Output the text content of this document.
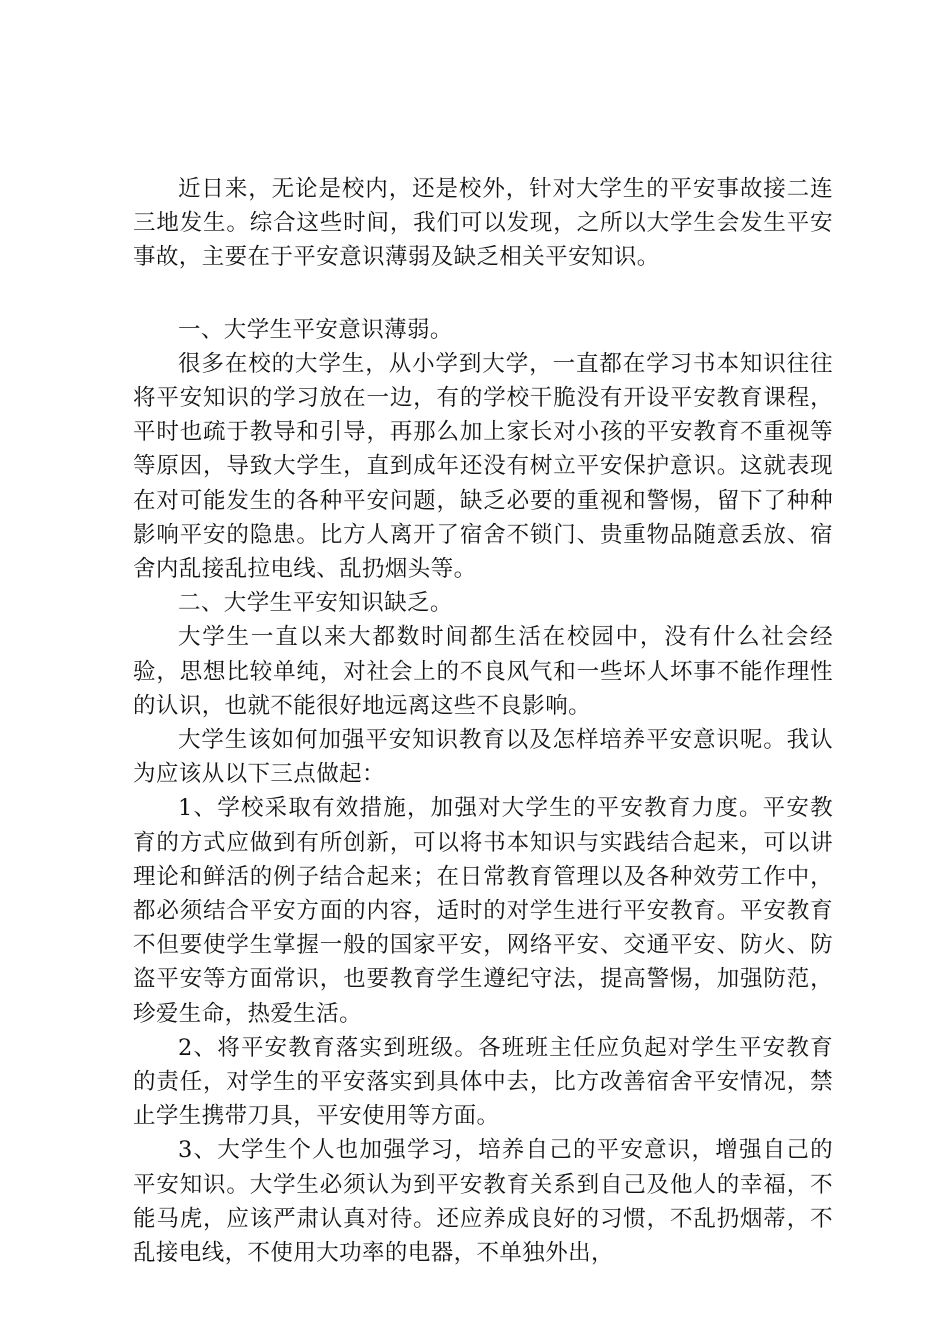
近日来，无论是校内，还是校外，针对大学生的平安事故接二连三地发生。综合这些时间，我们可以发现，之所以大学生会发生平安事故，主要在于平安意识薄弱及缺乏相关平安知识。

一、大学生平安意识薄弱。

很多在校的大学生，从小学到大学，一直都在学习书本知识往往将平安知识的学习放在一边，有的学校干脆没有开设平安教育课程，平时也疏于教导和引导，再那么加上家长对小孩的平安教育不重视等等原因，导致大学生，直到成年还没有树立平安保护意识。这就表现在对可能发生的各种平安问题，缺乏必要的重视和警惕，留下了种种影响平安的隐患。比方人离开了宿舍不锁门、贵重物品随意丢放、宿舍内乱接乱拉电线、乱扔烟头等。

二、大学生平安知识缺乏。

大学生一直以来大都数时间都生活在校园中，没有什么社会经验，思想比较单纯，对社会上的不良风气和一些坏人坏事不能作理性的认识，也就不能很好地远离这些不良影响。

大学生该如何加强平安知识教育以及怎样培养平安意识呢。我认为应该从以下三点做起：

1、学校采取有效措施，加强对大学生的平安教育力度。平安教育的方式应做到有所创新，可以将书本知识与实践结合起来，可以讲理论和鲜活的例子结合起来；在日常教育管理以及各种效劳工作中，都必须结合平安方面的内容，适时的对学生进行平安教育。平安教育不但要使学生掌握一般的国家平安，网络平安、交通平安、防火、防盗平安等方面常识，也要教育学生遵纪守法，提高警惕，加强防范，珍爱生命，热爱生活。

2、将平安教育落实到班级。各班班主任应负起对学生平安教育的责任，对学生的平安落实到具体中去，比方改善宿舍平安情况，禁止学生携带刀具，平安使用等方面。

3、大学生个人也加强学习，培养自己的平安意识，增强自己的平安知识。大学生必须认为到平安教育关系到自己及他人的幸福，不能马虎，应该严肃认真对待。还应养成良好的习惯，不乱扔烟蒂，不乱接电线，不使用大功率的电器，不单独外出，
